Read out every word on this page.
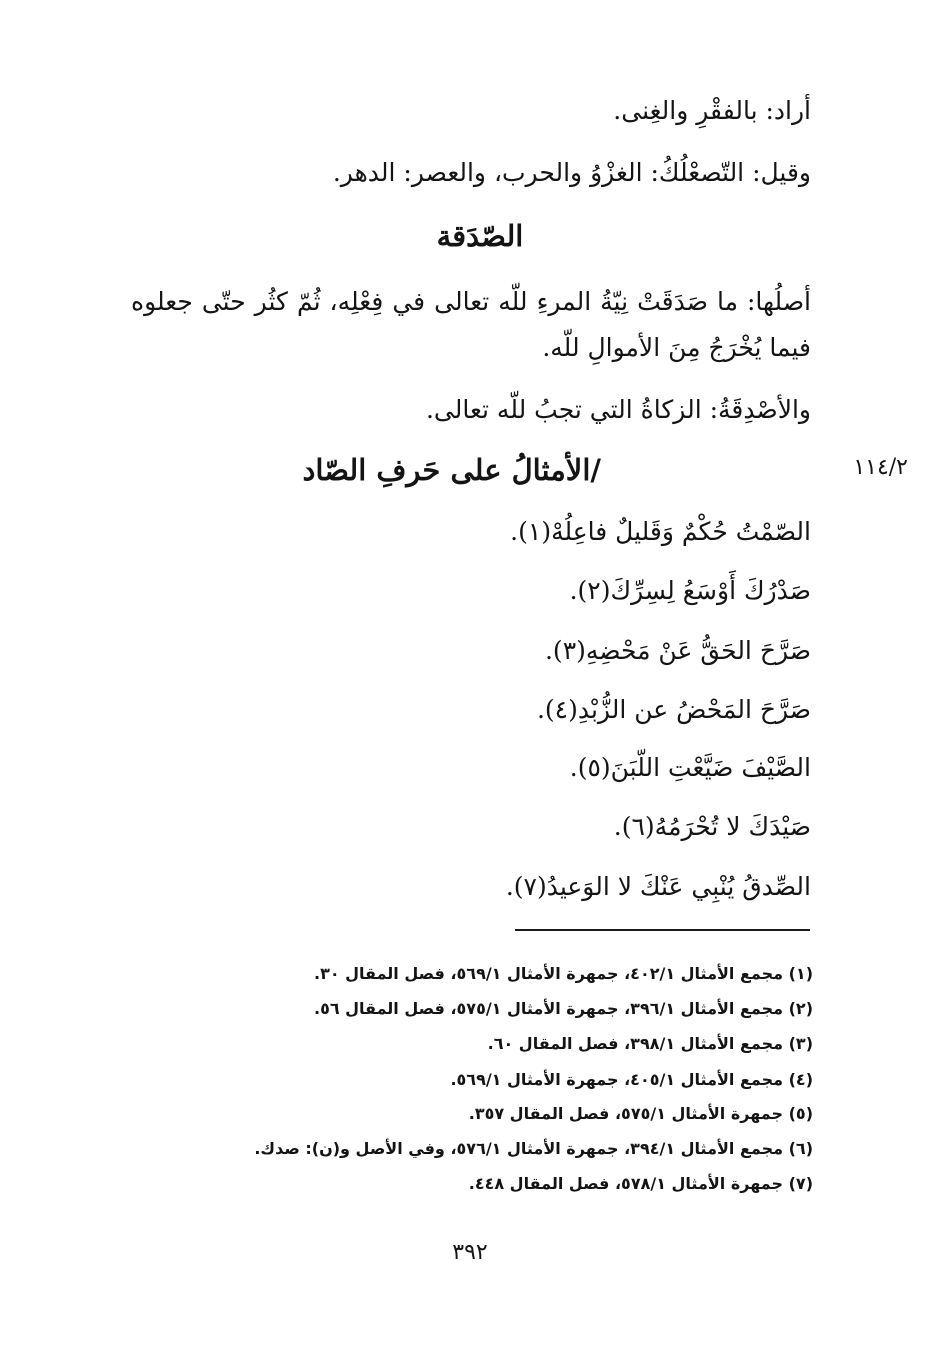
أراد: بالفقْرِ والغِنى.
وقيل: التّصعْلُكُ: الغزْوُ والحرب، والعصر: الدهر.
الصّدَقة
أصلُها: ما صَدَقَتْ نِيّةُ المرءِ للّه تعالى في فِعْلِه، ثُمّ كثُر حتّى جعلوه فيما يُخْرَجُ مِنَ الأموالِ للّه.
والأصْدِقَةُ: الزكاةُ التي تجبُ للّه تعالى.
١١٤/٢
/الأمثالُ على حَرفِ الصّاد
الصّمْتُ حُكْمٌ وَقَليلٌ فاعِلُهْ(١).
صَدْرُكَ أَوْسَعُ لِسِرِّكَ(٢).
صَرَّحَ الحَقُّ عَنْ مَحْضِهِ(٣).
صَرَّحَ المَحْضُ عن الزُّبْدِ(٤).
الصَّيْفَ ضَيَّعْتِ اللّبَنَ(٥).
صَيْدَكَ لا تُحْرَمُهُ(٦).
الصِّدقُ يُنْبِي عَنْكَ لا الوَعيدُ(٧).
(١) مجمع الأمثال ٤٠٢/١، جمهرة الأمثال ٥٦٩/١، فصل المقال ٣٠.
(٢) مجمع الأمثال ٣٩٦/١، جمهرة الأمثال ٥٧٥/١، فصل المقال ٥٦.
(٣) مجمع الأمثال ٣٩٨/١، فصل المقال ٦٠.
(٤) مجمع الأمثال ٤٠٥/١، جمهرة الأمثال ٥٦٩/١.
(٥) جمهرة الأمثال ٥٧٥/١، فصل المقال ٣٥٧.
(٦) مجمع الأمثال ٣٩٤/١، جمهرة الأمثال ٥٧٦/١، وفي الأصل و(ن): صدك.
(٧) جمهرة الأمثال ٥٧٨/١، فصل المقال ٤٤٨.
٣٩٢
